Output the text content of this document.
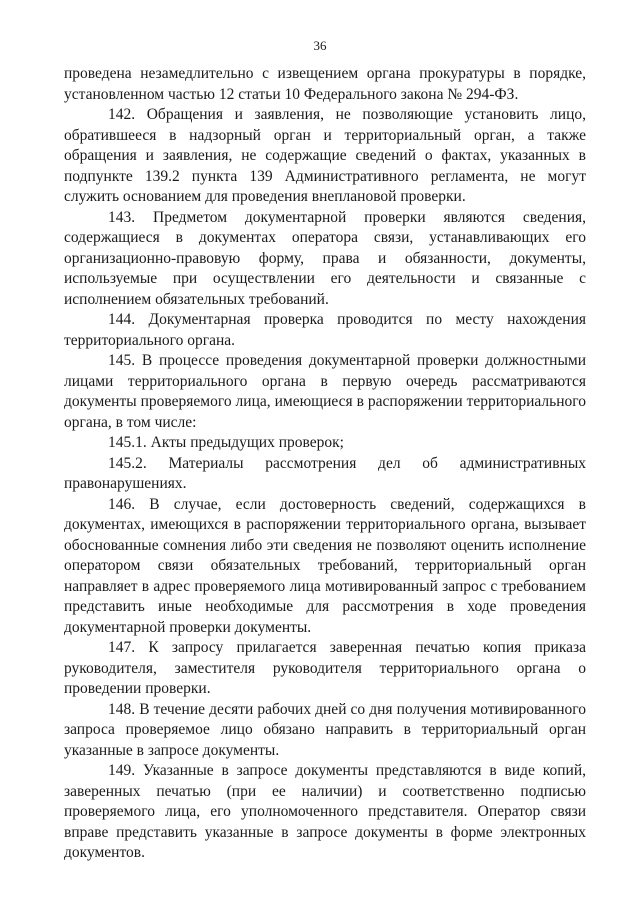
36

проведена незамедлительно с извещением органа прокуратуры в порядке, установленном частью 12 статьи 10 Федерального закона № 294-ФЗ.

142. Обращения и заявления, не позволяющие установить лицо, обратившееся в надзорный орган и территориальный орган, а также обращения и заявления, не содержащие сведений о фактах, указанных в подпункте 139.2 пункта 139 Административного регламента, не могут служить основанием для проведения внеплановой проверки.

143. Предметом документарной проверки являются сведения, содержащиеся в документах оператора связи, устанавливающих его организационно-правовую форму, права и обязанности, документы, используемые при осуществлении его деятельности и связанные с исполнением обязательных требований.

144. Документарная проверка проводится по месту нахождения территориального органа.

145. В процессе проведения документарной проверки должностными лицами территориального органа в первую очередь рассматриваются документы проверяемого лица, имеющиеся в распоряжении территориального органа, в том числе:

145.1. Акты предыдущих проверок;

145.2. Материалы рассмотрения дел об административных правонарушениях.

146. В случае, если достоверность сведений, содержащихся в документах, имеющихся в распоряжении территориального органа, вызывает обоснованные сомнения либо эти сведения не позволяют оценить исполнение оператором связи обязательных требований, территориальный орган направляет в адрес проверяемого лица мотивированный запрос с требованием представить иные необходимые для рассмотрения в ходе проведения документарной проверки документы.

147. К запросу прилагается заверенная печатью копия приказа руководителя, заместителя руководителя территориального органа о проведении проверки.

148. В течение десяти рабочих дней со дня получения мотивированного запроса проверяемое лицо обязано направить в территориальный орган указанные в запросе документы.

149. Указанные в запросе документы представляются в виде копий, заверенных печатью (при ее наличии) и соответственно подписью проверяемого лица, его уполномоченного представителя. Оператор связи вправе представить указанные в запросе документы в форме электронных документов.
